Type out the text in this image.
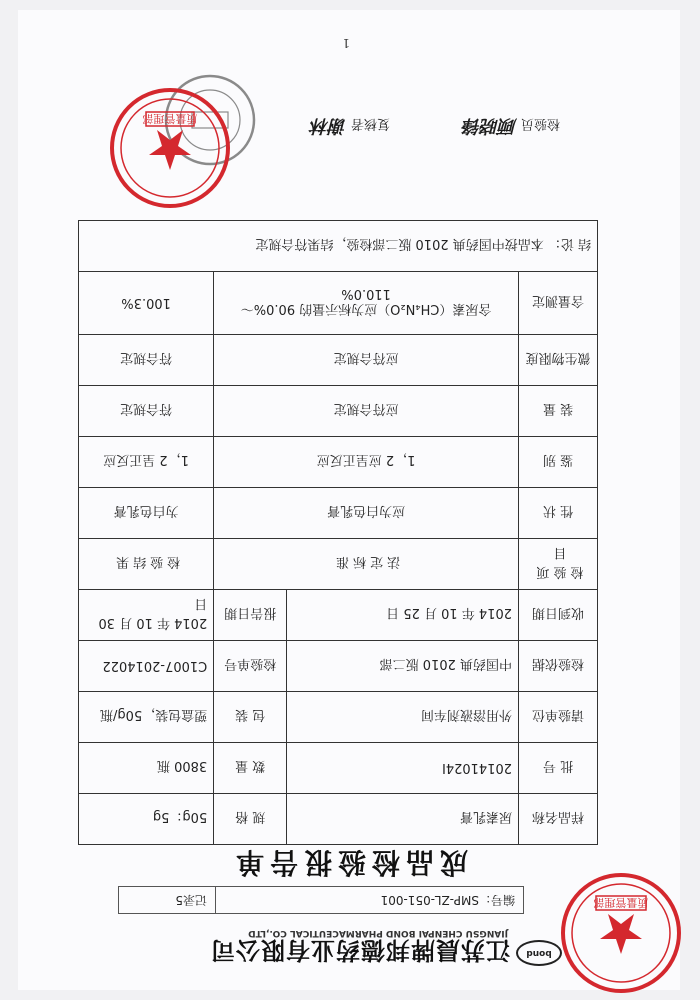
bond
江苏晨牌邦德药业有限公司
JIANGSU CHENPAI BOND PHARMACEUTICAL CO.,LTD
编号：SMP-ZL-051-001
记录5
成品检验报告单
样品名称	尿素乳膏	规 格	50g：5g
批 号	20141024I	数 量	3800 瓶
请验单位	外用溶液剂车间	包 装	塑盒包装，50g/瓶
检验依据	中国药典 2010 版二部	检验单号	C1007-2014022
收到日期	2014 年 10 月 25 日	报告日期	2014 年 10 月 30 日
检验项目	法定标准		检验结果
性 状	应为白色乳膏		为白色乳膏
鉴 别	1，2 应呈正反应		1，2 呈正反应
装 量	应符合规定		符合规定
微生物限度	应符合规定		符合规定
含量测定	含尿素（CH₄N₂O）应为标示量的 90.0%～110.0%		100.3%
结 论： 本品按中国药典 2010 版二部检验，结果符合规定			
检验员 顾晓锋
复核者 谢林
1
质量管理部
质量管理部
